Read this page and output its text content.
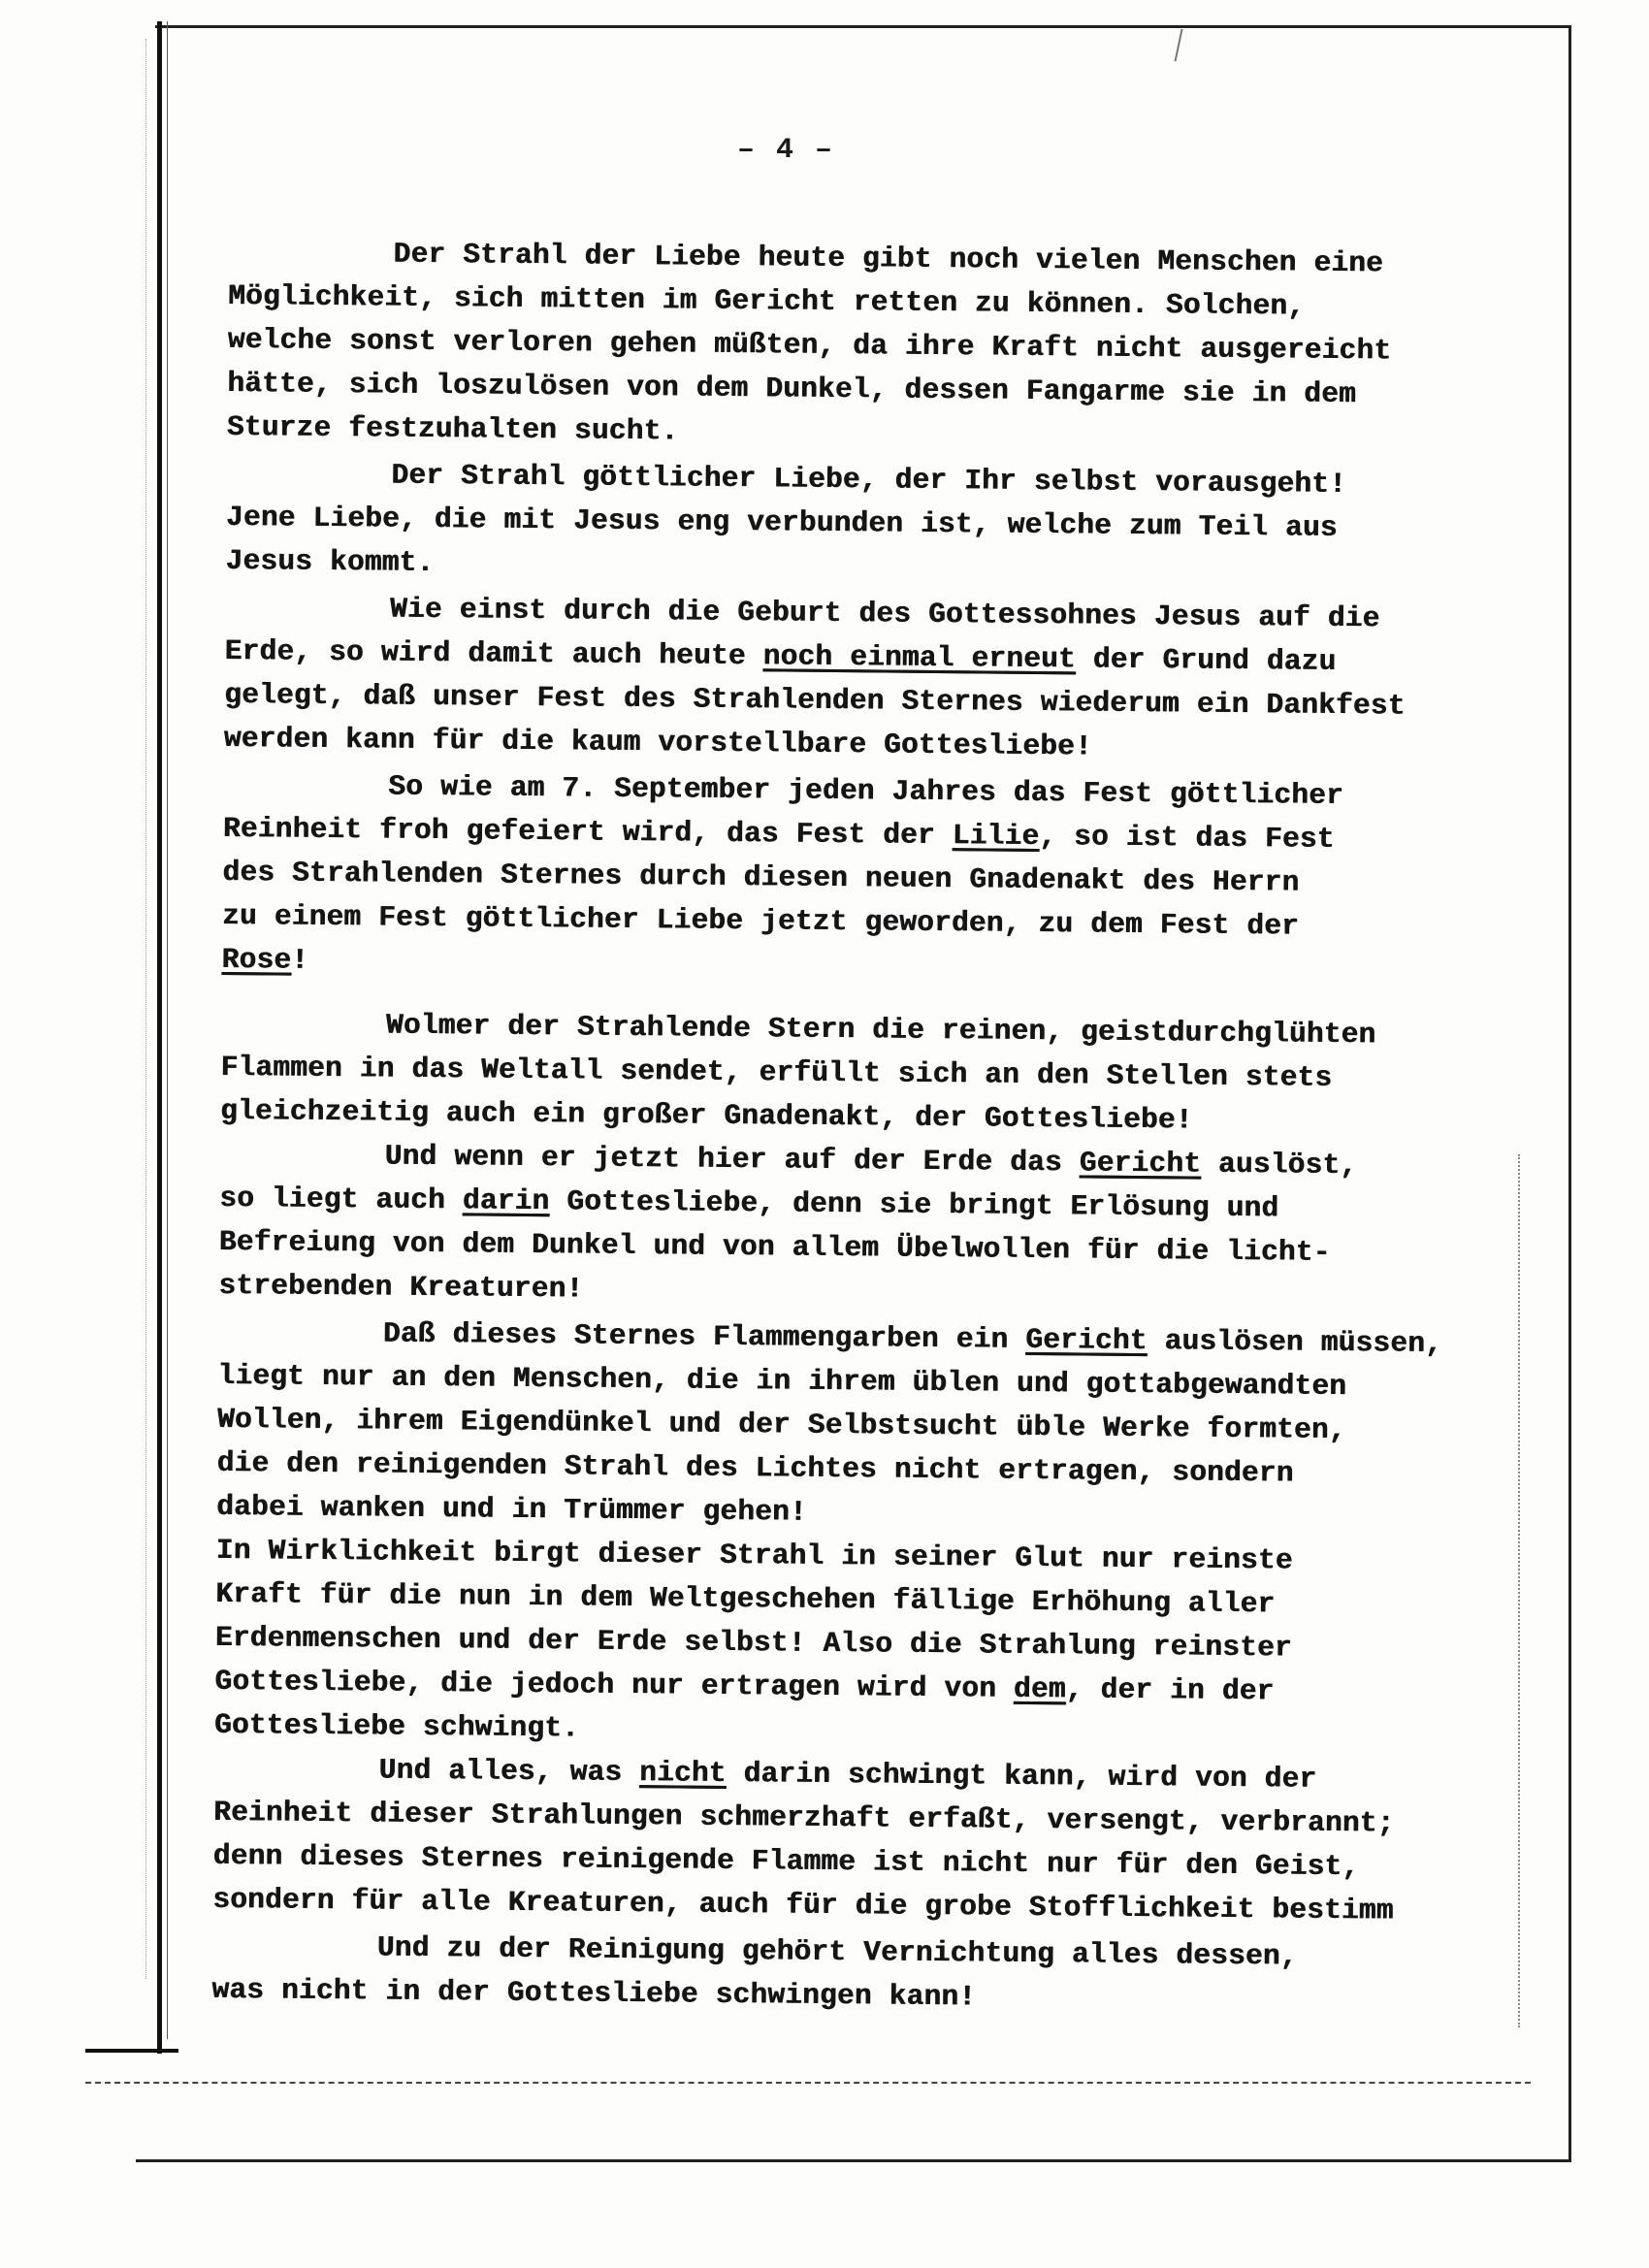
– 4 –
Der Strahl der Liebe heute gibt noch vielen Menschen eine
Möglichkeit, sich mitten im Gericht retten zu können. Solchen,
welche sonst verloren gehen müßten, da ihre Kraft nicht ausgereicht
hätte, sich loszulösen von dem Dunkel, dessen Fangarme sie in dem
Sturze festzuhalten sucht.
Der Strahl göttlicher Liebe, der Ihr selbst vorausgeht!
Jene Liebe, die mit Jesus eng verbunden ist, welche zum Teil aus
Jesus kommt.
Wie einst durch die Geburt des Gottessohnes Jesus auf die
Erde, so wird damit auch heute noch einmal erneut der Grund dazu
gelegt, daß unser Fest des Strahlenden Sternes wiederum ein Dankfest
werden kann für die kaum vorstellbare Gottesliebe!
So wie am 7. September jeden Jahres das Fest göttlicher
Reinheit froh gefeiert wird, das Fest der Lilie, so ist das Fest
des Strahlenden Sternes durch diesen neuen Gnadenakt des Herrn
zu einem Fest göttlicher Liebe jetzt geworden, zu dem Fest der
Rose!
Wolmer der Strahlende Stern die reinen, geistdurchglühten
Flammen in das Weltall sendet, erfüllt sich an den Stellen stets
gleichzeitig auch ein großer Gnadenakt, der Gottesliebe!
Und wenn er jetzt hier auf der Erde das Gericht auslöst,
so liegt auch darin Gottesliebe, denn sie bringt Erlösung und
Befreiung von dem Dunkel und von allem Übelwollen für die licht-
strebenden Kreaturen!
Daß dieses Sternes Flammengarben ein Gericht auslösen müssen,
liegt nur an den Menschen, die in ihrem üblen und gottabgewandten
Wollen, ihrem Eigendünkel und der Selbstsucht üble Werke formten,
die den reinigenden Strahl des Lichtes nicht ertragen, sondern
dabei wanken und in Trümmer gehen!
In Wirklichkeit birgt dieser Strahl in seiner Glut nur reinste
Kraft für die nun in dem Weltgeschehen fällige Erhöhung aller
Erdenmenschen und der Erde selbst! Also die Strahlung reinster
Gottesliebe, die jedoch nur ertragen wird von dem, der in der
Gottesliebe schwingt.
Und alles, was nicht darin schwingt kann, wird von der
Reinheit dieser Strahlungen schmerzhaft erfaßt, versengt, verbrannt;
denn dieses Sternes reinigende Flamme ist nicht nur für den Geist,
sondern für alle Kreaturen, auch für die grobe Stofflichkeit bestimm
Und zu der Reinigung gehört Vernichtung alles dessen,
was nicht in der Gottesliebe schwingen kann!
